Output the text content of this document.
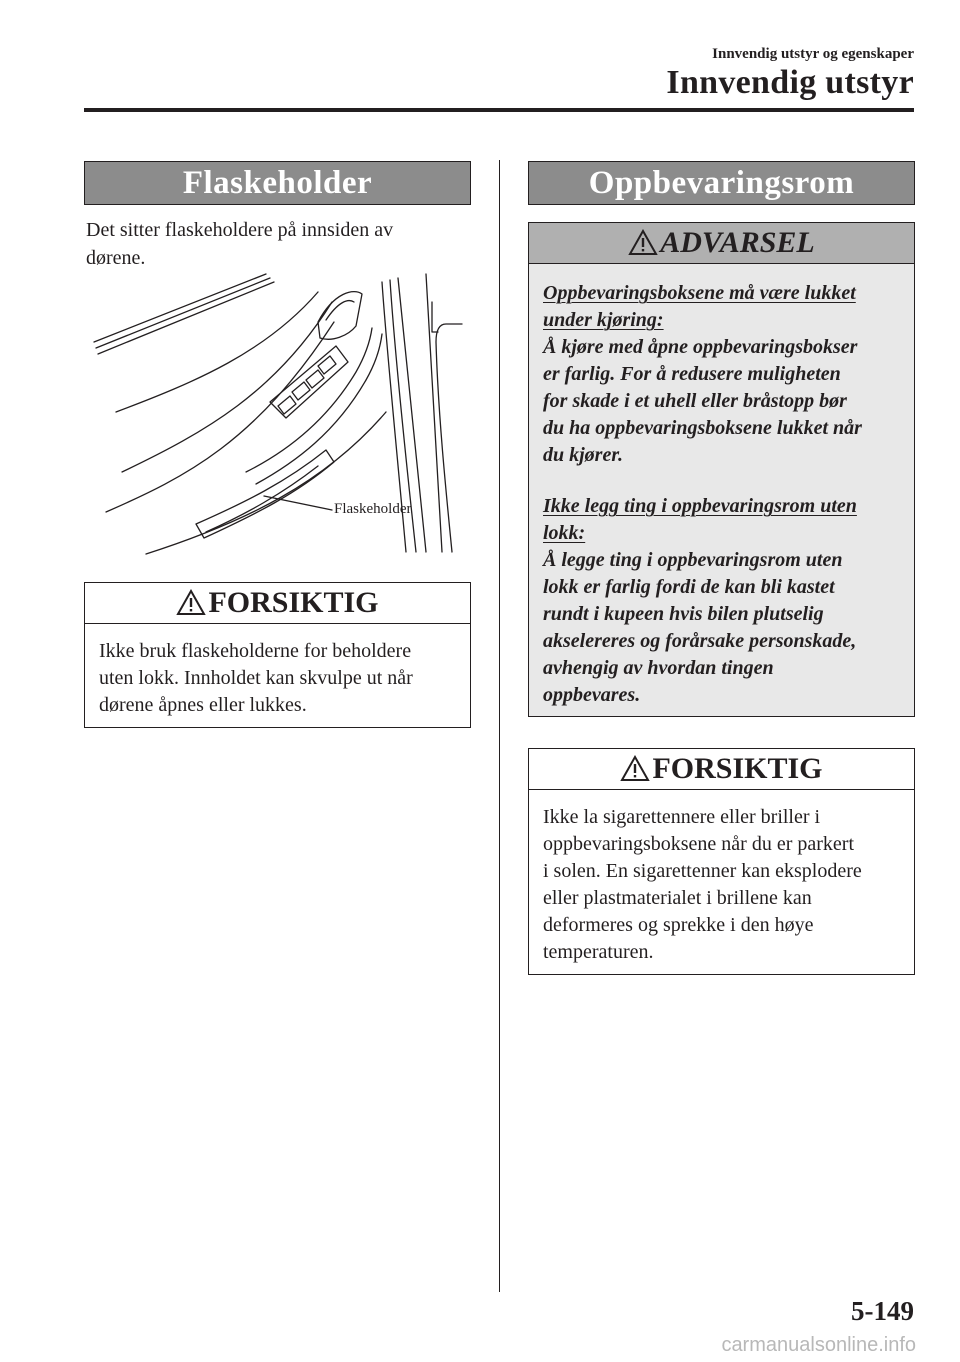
Innvendig utstyr og egenskaper
Innvendig utstyr
Flaskeholder
Det sitter flaskeholdere på innsiden av
dørene.
Flaskeholder
FORSIKTIG
Ikke bruk flaskeholderne for beholdere
uten lokk. Innholdet kan skvulpe ut når
dørene åpnes eller lukkes.
Oppbevaringsrom
ADVARSEL
Oppbevaringsboksene må være lukket
under kjøring:
Å kjøre med åpne oppbevaringsbokser
er farlig. For å redusere muligheten
for skade i et uhell eller bråstopp bør
du ha oppbevaringsboksene lukket når
du kjører.
Ikke legg ting i oppbevaringsrom uten
lokk:
Å legge ting i oppbevaringsrom uten
lokk er farlig fordi de kan bli kastet
rundt i kupeen hvis bilen plutselig
akselereres og forårsake personskade,
avhengig av hvordan tingen
oppbevares.
FORSIKTIG
Ikke la sigarettennere eller briller i
oppbevaringsboksene når du er parkert
i solen. En sigarettenner kan eksplodere
eller plastmaterialet i brillene kan
deformeres og sprekke i den høye
temperaturen.
5-149
carmanualsonline.info
